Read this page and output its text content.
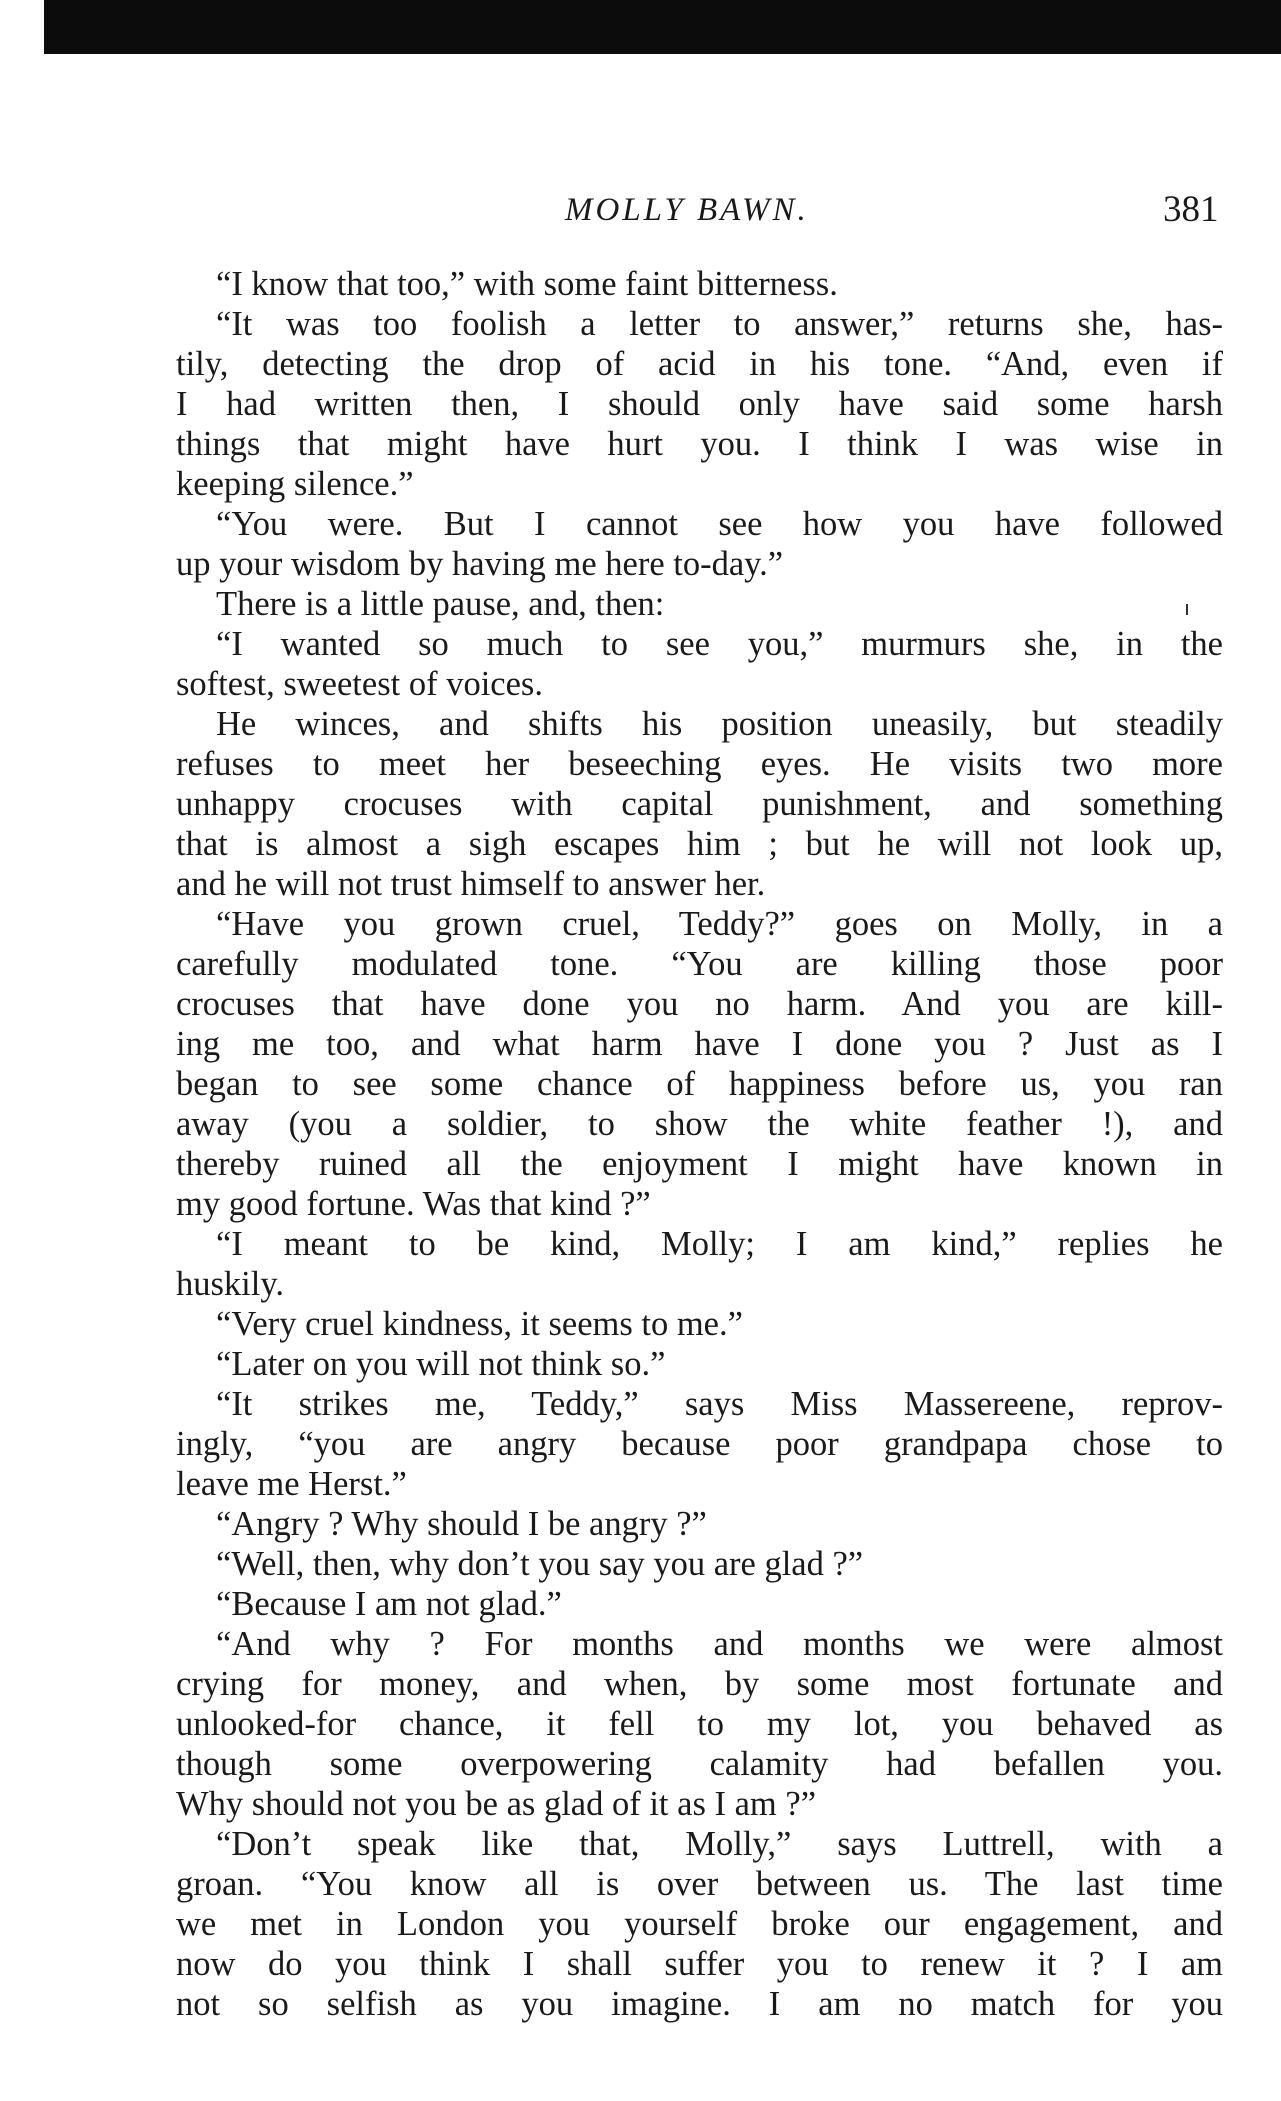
MOLLY BAWN.	381
“I know that too,” with some faint bitterness.
“It was too foolish a letter to answer,” returns she, has-
tily, detecting the drop of acid in his tone. “And, even if
I had written then, I should only have said some harsh
things that might have hurt you. I think I was wise in
keeping silence.”
“You were. But I cannot see how you have followed
up your wisdom by having me here to-day.”
There is a little pause, and, then:
“I wanted so much to see you,” murmurs she, in the
softest, sweetest of voices.
He winces, and shifts his position uneasily, but steadily
refuses to meet her beseeching eyes. He visits two more
unhappy crocuses with capital punishment, and something
that is almost a sigh escapes him ; but he will not look up,
and he will not trust himself to answer her.
“Have you grown cruel, Teddy?” goes on Molly, in a
carefully modulated tone. “You are killing those poor
crocuses that have done you no harm. And you are kill-
ing me too, and what harm have I done you ? Just as I
began to see some chance of happiness before us, you ran
away (you a soldier, to show the white feather !), and
thereby ruined all the enjoyment I might have known in
my good fortune. Was that kind ?”
“I meant to be kind, Molly; I am kind,” replies he
huskily.
“Very cruel kindness, it seems to me.”
“Later on you will not think so.”
“It strikes me, Teddy,” says Miss Massereene, reprov-
ingly, “you are angry because poor grandpapa chose to
leave me Herst.”
“Angry ? Why should I be angry ?”
“Well, then, why don’t you say you are glad ?”
“Because I am not glad.”
“And why ? For months and months we were almost
crying for money, and when, by some most fortunate and
unlooked-for chance, it fell to my lot, you behaved as
though some overpowering calamity had befallen you.
Why should not you be as glad of it as I am ?”
“Don’t speak like that, Molly,” says Luttrell, with a
groan. “You know all is over between us. The last time
we met in London you yourself broke our engagement, and
now do you think I shall suffer you to renew it ? I am
not so selfish as you imagine. I am no match for you
